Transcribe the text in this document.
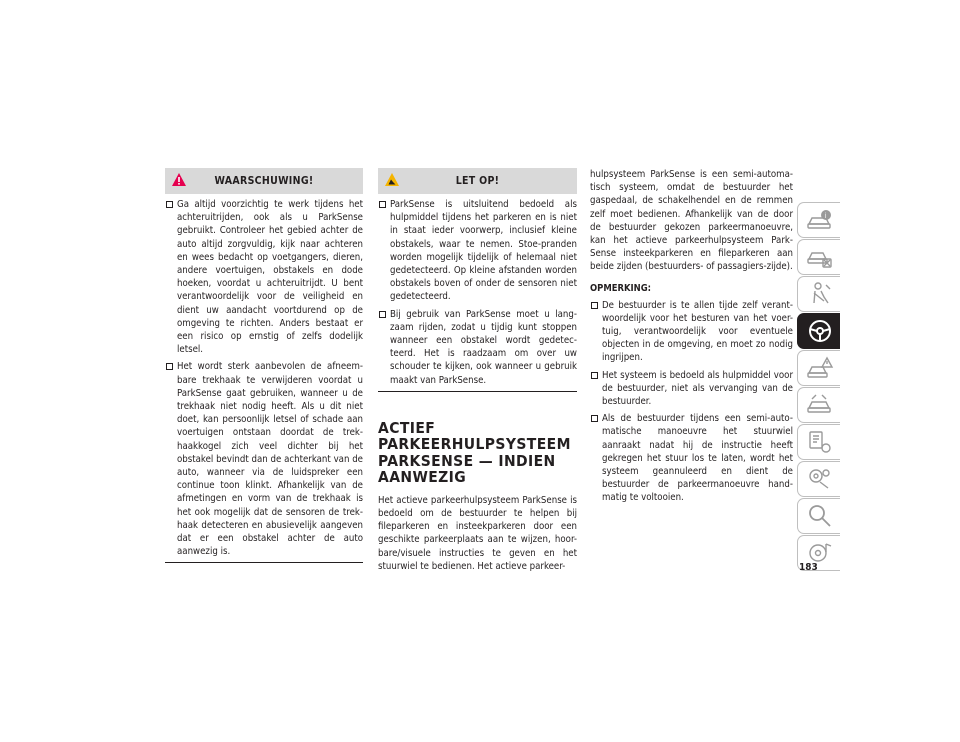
WAARSCHUWING!
Ga altijd voorzichtig te werk tijdens het achteruitrijden, ook als u ParkSense gebruikt. Controleer het gebied achter de auto altijd zorgvuldig, kijk naar achteren en wees bedacht op voetgangers, dieren, andere voertuigen, obstakels en dode hoeken, voordat u achteruitrijdt. U bent verantwoordelijk voor de veiligheid en dient uw aandacht voortdurend op de omgeving te richten. Anders bestaat er een risico op ernstig of zelfs dodelijk letsel.
Het wordt sterk aanbevolen de afneem-bare trekhaak te verwijderen voordat u ParkSense gaat gebruiken, wanneer u de trekhaak niet nodig heeft. Als u dit niet doet, kan persoonlijk letsel of schade aan voertuigen ontstaan doordat de trek-haakkogel zich veel dichter bij het obstakel bevindt dan de achterkant van de auto, wanneer via de luidspreker een continue toon klinkt. Afhankelijk van de afmetingen en vorm van de trekhaak is het ook mogelijk dat de sensoren de trek-haak detecteren en abusievelijk aangeven dat er een obstakel achter de auto aanwezig is.
LET OP!
ParkSense is uitsluitend bedoeld als hulpmiddel tijdens het parkeren en is niet in staat ieder voorwerp, inclusief kleine obstakels, waar te nemen. Stoe-pranden worden mogelijk tijdelijk of helemaal niet gedetecteerd. Op kleine afstanden worden obstakels boven of onder de sensoren niet gedetecteerd.
Bij gebruik van ParkSense moet u lang-zaam rijden, zodat u tijdig kunt stoppen wanneer een obstakel wordt gedetec-teerd. Het is raadzaam om over uw schouder te kijken, ook wanneer u gebruik maakt van ParkSense.
ACTIEF
PARKEERHULPSYSTEEM
PARKSENSE — INDIEN
AANWEZIG

Het actieve parkeerhulpsysteem ParkSense is bedoeld om de bestuurder te helpen bij fileparkeren en insteekparkeren door een geschikte parkeerplaats aan te wijzen, hoor-bare/visuele instructies te geven en het stuurwiel te bedienen. Het actieve parkeer-

hulpsysteem ParkSense is een semi-automa-tisch systeem, omdat de bestuurder het gaspedaal, de schakelhendel en de remmen zelf moet bedienen. Afhankelijk van de door de bestuurder gekozen parkeermanoeuvre, kan het actieve parkeerhulpsysteem Park-Sense insteekparkeren en fileparkeren aan beide zijden (bestuurders- of passagiers-zijde).

OPMERKING:
De bestuurder is te allen tijde zelf verant-woordelijk voor het besturen van het voer-tuig, verantwoordelijk voor eventuele objecten in de omgeving, en moet zo nodig ingrijpen.
Het systeem is bedoeld als hulpmiddel voor de bestuurder, niet als vervanging van de bestuurder.
Als de bestuurder tijdens een semi-auto-matische manoeuvre het stuurwiel aanraakt nadat hij de instructie heeft gekregen het stuur los te laten, wordt het systeem geannuleerd en dient de bestuurder de parkeermanoeuvre hand-matig te voltooien.
i
183
